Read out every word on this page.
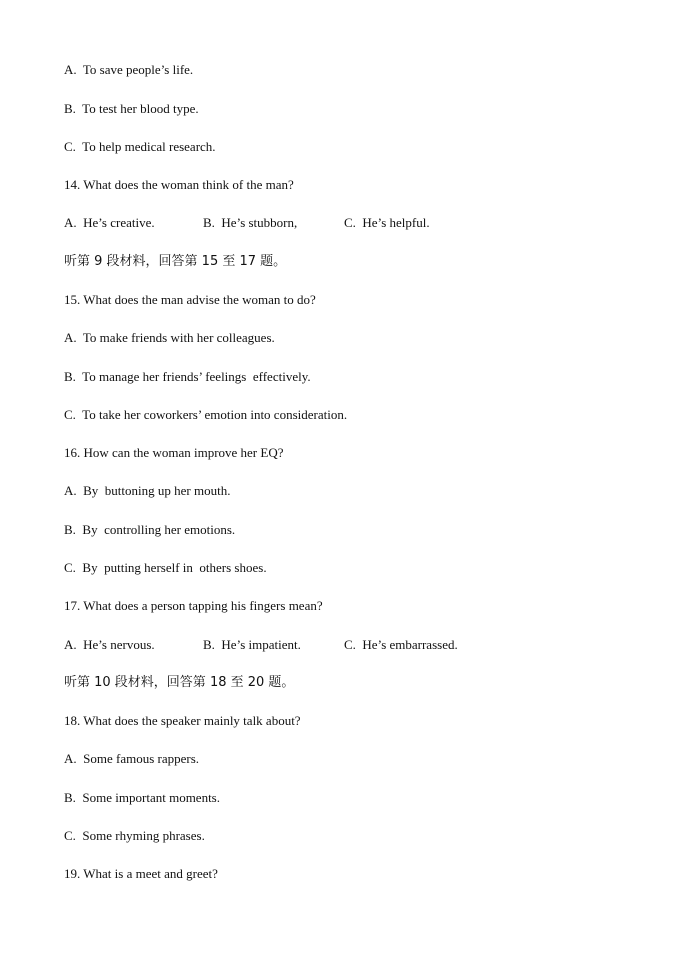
A.  To save people’s life.
B.  To test her blood type.
C.  To help medical research.
14. What does the woman think of the man?
A.  He’s creative.	B.  He’s stubborn,	C.  He’s helpful.
听第 9 段材料，回答第 15 至 17 题。
15. What does the man advise the woman to do?
A.  To make friends with her colleagues.
B.  To manage her friends’ feelings  effectively.
C.  To take her coworkers’ emotion into consideration.
16. How can the woman improve her EQ?
A.  By  buttoning up her mouth.
B.  By  controlling her emotions.
C.  By  putting herself in  others shoes.
17. What does a person tapping his fingers mean?
A.  He’s nervous.	B.  He’s impatient.	C.  He’s embarrassed.
听第 10 段材料，回答第 18 至 20 题。
18. What does the speaker mainly talk about?
A.  Some famous rappers.
B.  Some important moments.
C.  Some rhyming phrases.
19. What is a meet and greet?
